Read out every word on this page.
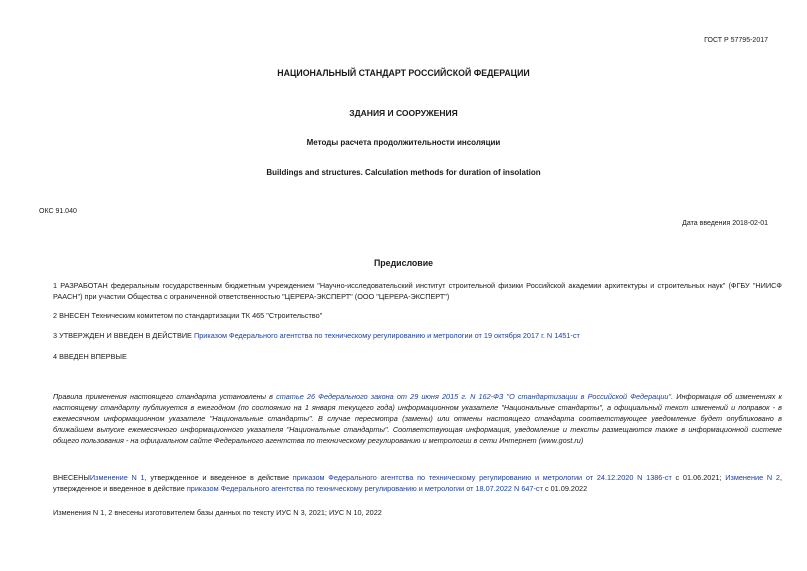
ГОСТ Р 57795-2017
НАЦИОНАЛЬНЫЙ СТАНДАРТ РОССИЙСКОЙ ФЕДЕРАЦИИ
ЗДАНИЯ И СООРУЖЕНИЯ
Методы расчета продолжительности инсоляции
Buildings and structures. Calculation methods for duration of insolation
ОКС 91.040
Дата введения 2018-02-01
Предисловие
1 РАЗРАБОТАН федеральным государственным бюджетным учреждением "Научно-исследовательский институт строительной физики Российской академии архитектуры и строительных наук" (ФГБУ "НИИСФ РААСН") при участии Общества с ограниченной ответственностью "ЦЕРЕРА-ЭКСПЕРТ" (ООО "ЦЕРЕРА-ЭКСПЕРТ")
2 ВНЕСЕН Техническим комитетом по стандартизации ТК 465 "Строительство"
3 УТВЕРЖДЕН И ВВЕДЕН В ДЕЙСТВИЕ Приказом Федерального агентства по техническому регулированию и метрологии от 19 октября 2017 г. N 1451-ст
4 ВВЕДЕН ВПЕРВЫЕ
Правила применения настоящего стандарта установлены в статье 26 Федерального закона от 29 июня 2015 г. N 162-ФЗ "О стандартизации в Российской Федерации". Информация об изменениях к настоящему стандарту публикуется в ежегодном (по состоянию на 1 января текущего года) информационном указателе "Национальные стандарты", а официальный текст изменений и поправок - в ежемесячном информационном указателе "Национальные стандарты". В случае пересмотра (замены) или отмены настоящего стандарта соответствующее уведомление будет опубликовано в ближайшем выпуске ежемесячного информационного указателя "Национальные стандарты". Соответствующая информация, уведомление и тексты размещаются также в информационной системе общего пользования - на официальном сайте Федерального агентства по техническому регулированию и метрологии в сети Интернет (www.gost.ru)
ВНЕСЕНЫИзменение N 1, утвержденное и введенное в действие приказом Федерального агентства по техническому регулированию и метрологии от 24.12.2020 N 1386-ст с 01.06.2021; Изменение N 2, утвержденное и введенное в действие приказом Федерального агентства по техническому регулированию и метрологии от 18.07.2022 N 647-ст с 01.09.2022
Изменения N 1, 2 внесены изготовителем базы данных по тексту ИУС N 3, 2021; ИУС N 10, 2022
